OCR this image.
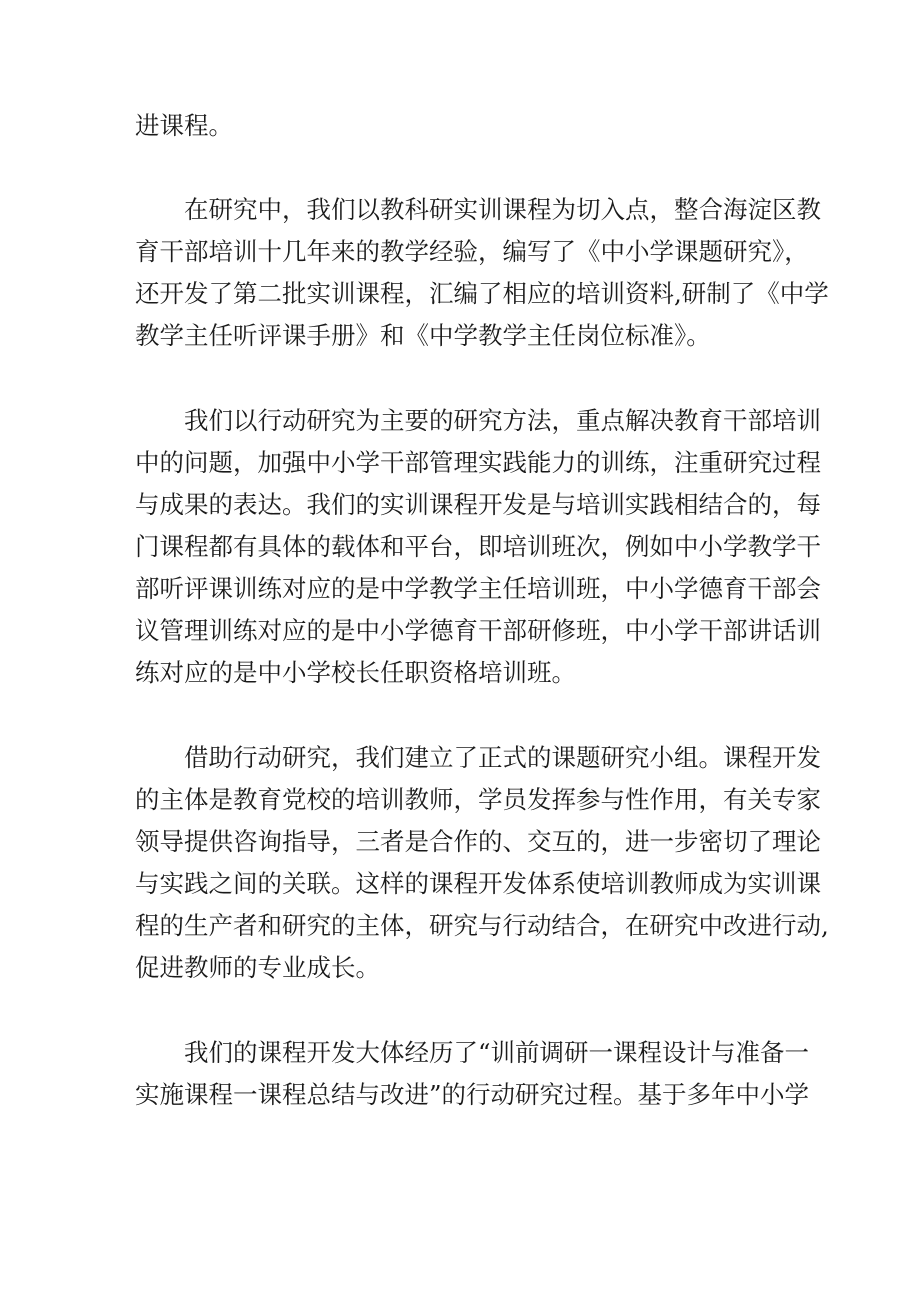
进课程。

在研究中，我们以教科研实训课程为切入点，整合海淀区教

育干部培训十几年来的教学经验，编写了《中小学课题研究》，

还开发了第二批实训课程，汇编了相应的培训资料,研制了《中学

教学主任听评课手册》和《中学教学主任岗位标准》。

我们以行动研究为主要的研究方法，重点解决教育干部培训

中的问题，加强中小学干部管理实践能力的训练，注重研究过程

与成果的表达。我们的实训课程开发是与培训实践相结合的，每

门课程都有具体的载体和平台，即培训班次，例如中小学教学干

部听评课训练对应的是中学教学主任培训班，中小学德育干部会

议管理训练对应的是中小学德育干部研修班，中小学干部讲话训

练对应的是中小学校长任职资格培训班。

借助行动研究，我们建立了正式的课题研究小组。课程开发

的主体是教育党校的培训教师，学员发挥参与性作用，有关专家

领导提供咨询指导，三者是合作的、交互的，进一步密切了理论

与实践之间的关联。这样的课程开发体系使培训教师成为实训课

程的生产者和研究的主体，研究与行动结合，在研究中改进行动,

促进教师的专业成长。

我们的课程开发大体经历了“训前调研一课程设计与准备一

实施课程一课程总结与改进”的行动研究过程。基于多年中小学
